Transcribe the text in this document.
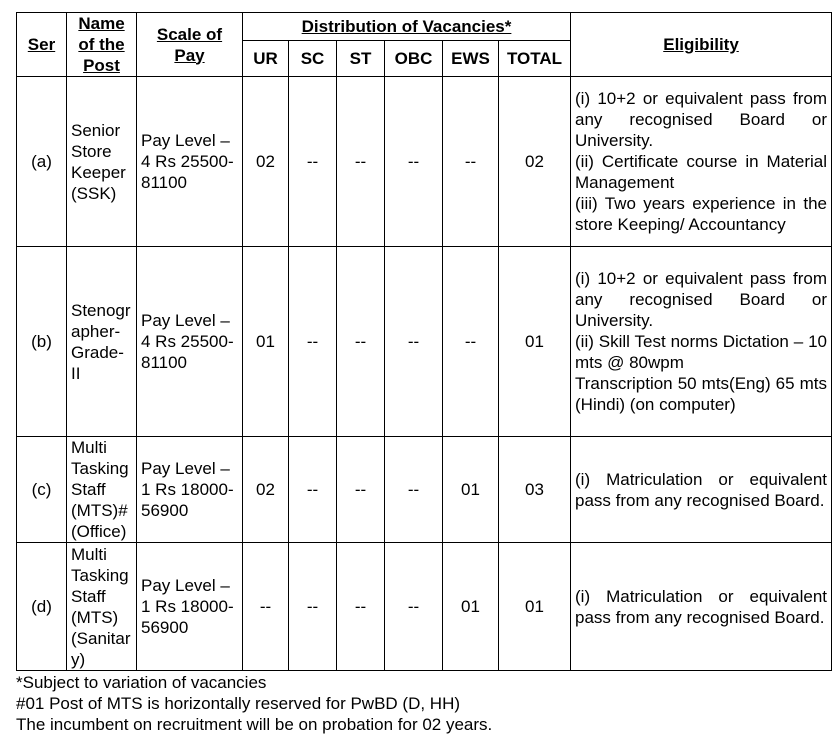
Ser	Name of the Post	Scale of Pay	Distribution of Vacancies*						Eligibility
			UR	SC	ST	OBC	EWS	TOTAL	
(a)	Senior Store Keeper (SSK)	Pay Level – 4 Rs 25500-81100	02	--	--	--	--	02	(i) 10+2 or equivalent pass from any recognised Board or University.
(ii) Certificate course in Material Management
(iii) Two years experience in the store Keeping/ Accountancy

(b)	Stenographer- Grade-II	Pay Level – 4 Rs 25500-81100	01	--	--	--	--	01	(i) 10+2 or equivalent pass from any recognised Board or University.
(ii) Skill Test norms Dictation – 10 mts @ 80wpm
Transcription 50 mts(Eng) 65 mts (Hindi) (on computer)

(c)	Multi Tasking Staff (MTS)# (Office)	Pay Level – 1 Rs 18000-56900	02	--	--	--	01	03	(i) Matriculation or equivalent pass from any recognised Board.

(d)	Multi Tasking Staff (MTS) (Sanitary)	Pay Level – 1 Rs 18000-56900	--	--	--	--	01	01	(i) Matriculation or equivalent pass from any recognised Board.
*Subject to variation of vacancies
#01 Post of MTS is horizontally reserved for PwBD (D, HH)
The incumbent on recruitment will be on probation for 02 years.
